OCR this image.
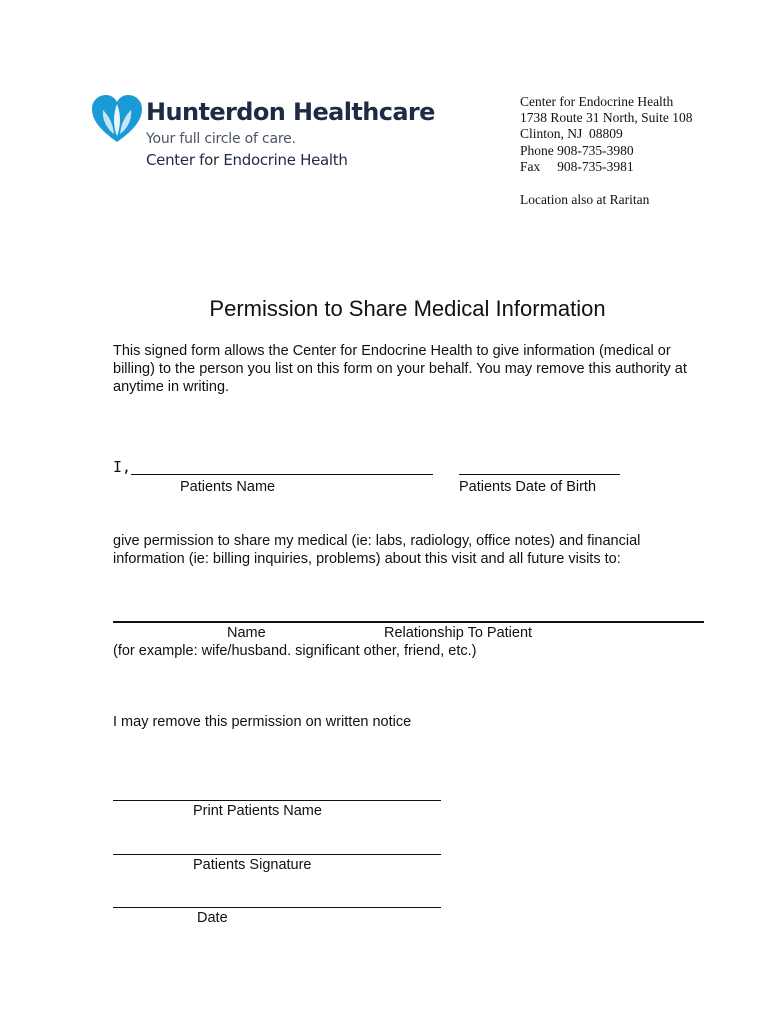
Hunterdon Healthcare
Your full circle of care.
Center for Endocrine Health
Center for Endocrine Health
1738 Route 31 North, Suite 108
Clinton, NJ  08809
Phone 908-735-3980
Fax     908-735-3981
Location also at Raritan
Permission to Share Medical Information
This signed form allows the Center for Endocrine Health to give information (medical or billing) to the person you list on this form on your behalf. You may remove this authority at anytime in writing.
I,
Patients Name	Patients Date of Birth
give permission to share my medical (ie: labs, radiology, office notes) and financial information (ie: billing inquiries, problems) about this visit and all future visits to:
Name	Relationship To Patient
(for example: wife/husband. significant other, friend, etc.)
I may remove this permission on written notice
Print Patients Name
Patients Signature
Date
